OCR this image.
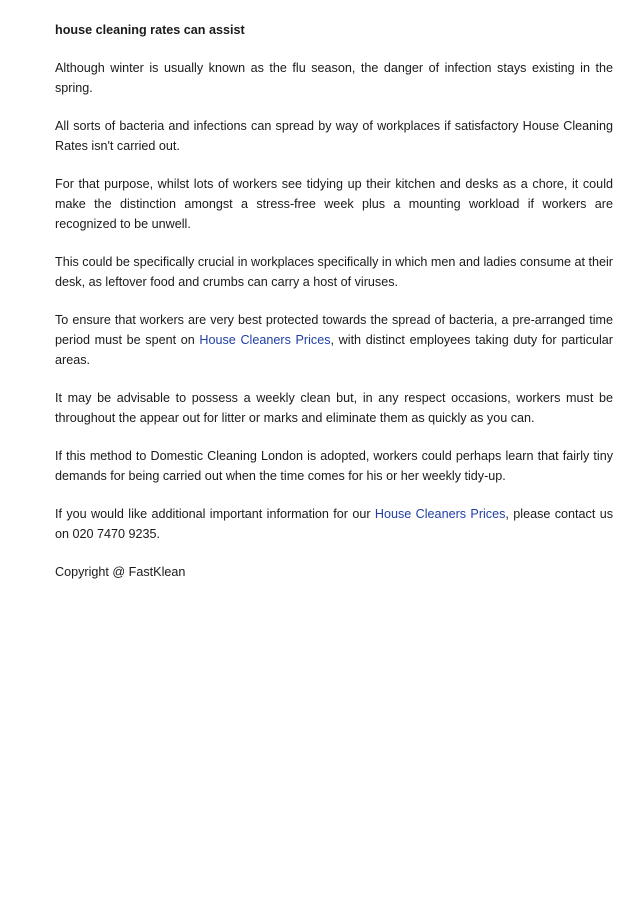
house cleaning rates can assist

Although winter is usually known as the flu season, the danger of infection stays existing in the spring.

All sorts of bacteria and infections can spread by way of workplaces if satisfactory House Cleaning Rates isn't carried out.

For that purpose, whilst lots of workers see tidying up their kitchen and desks as a chore, it could make the distinction amongst a stress-free week plus a mounting workload if workers are recognized to be unwell.

This could be specifically crucial in workplaces specifically in which men and ladies consume at their desk, as leftover food and crumbs can carry a host of viruses.

To ensure that workers are very best protected towards the spread of bacteria, a pre-arranged time period must be spent on House Cleaners Prices, with distinct employees taking duty for particular areas.

It may be advisable to possess a weekly clean but, in any respect occasions, workers must be throughout the appear out for litter or marks and eliminate them as quickly as you can.

If this method to Domestic Cleaning London is adopted, workers could perhaps learn that fairly tiny demands for being carried out when the time comes for his or her weekly tidy-up.

If you would like additional important information for our House Cleaners Prices, please contact us on 020 7470 9235.

Copyright @ FastKlean
